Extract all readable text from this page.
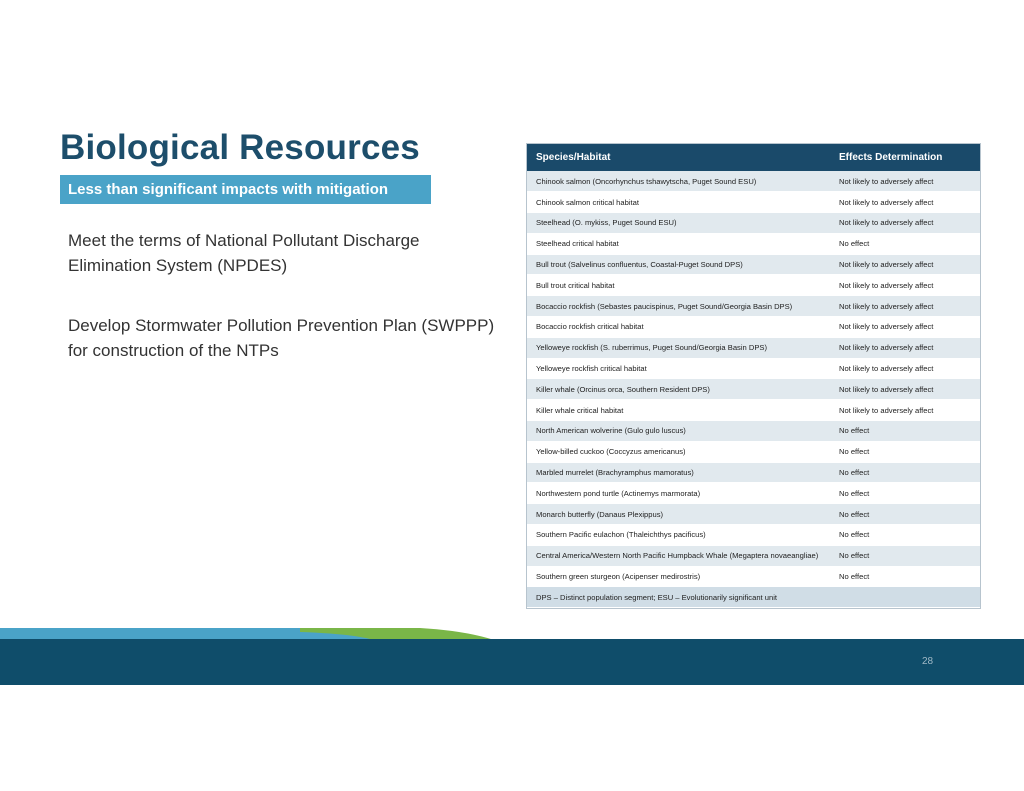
Biological Resources
Less than significant impacts with mitigation
Meet the terms of National Pollutant Discharge Elimination System (NPDES)
Develop Stormwater Pollution Prevention Plan (SWPPP) for construction of the NTPs
Species/Habitat	Effects Determination
Chinook salmon (Oncorhynchus tshawytscha, Puget Sound ESU)	Not likely to adversely affect
Chinook salmon critical habitat	Not likely to adversely affect
Steelhead (O. mykiss, Puget Sound ESU)	Not likely to adversely affect
Steelhead critical habitat	No effect
Bull trout (Salvelinus confluentus, Coastal-Puget Sound DPS)	Not likely to adversely affect
Bull trout critical habitat	Not likely to adversely affect
Bocaccio rockfish (Sebastes paucispinus, Puget Sound/Georgia Basin DPS)	Not likely to adversely affect
Bocaccio rockfish critical habitat	Not likely to adversely affect
Yelloweye rockfish (S. ruberrimus, Puget Sound/Georgia Basin DPS)	Not likely to adversely affect
Yelloweye rockfish critical habitat	Not likely to adversely affect
Killer whale (Orcinus orca, Southern Resident DPS)	Not likely to adversely affect
Killer whale critical habitat	Not likely to adversely affect
North American wolverine (Gulo gulo luscus)	No effect
Yellow-billed cuckoo (Coccyzus americanus)	No effect
Marbled murrelet (Brachyramphus mamoratus)	No effect
Northwestern pond turtle (Actinemys marmorata)	No effect
Monarch butterfly (Danaus Plexippus)	No effect
Southern Pacific eulachon (Thaleichthys pacificus)	No effect
Central America/Western North Pacific Humpback Whale (Megaptera novaeangliae)	No effect
Southern green sturgeon (Acipenser medirostris)	No effect
DPS – Distinct population segment; ESU – Evolutionarily significant unit	
28
